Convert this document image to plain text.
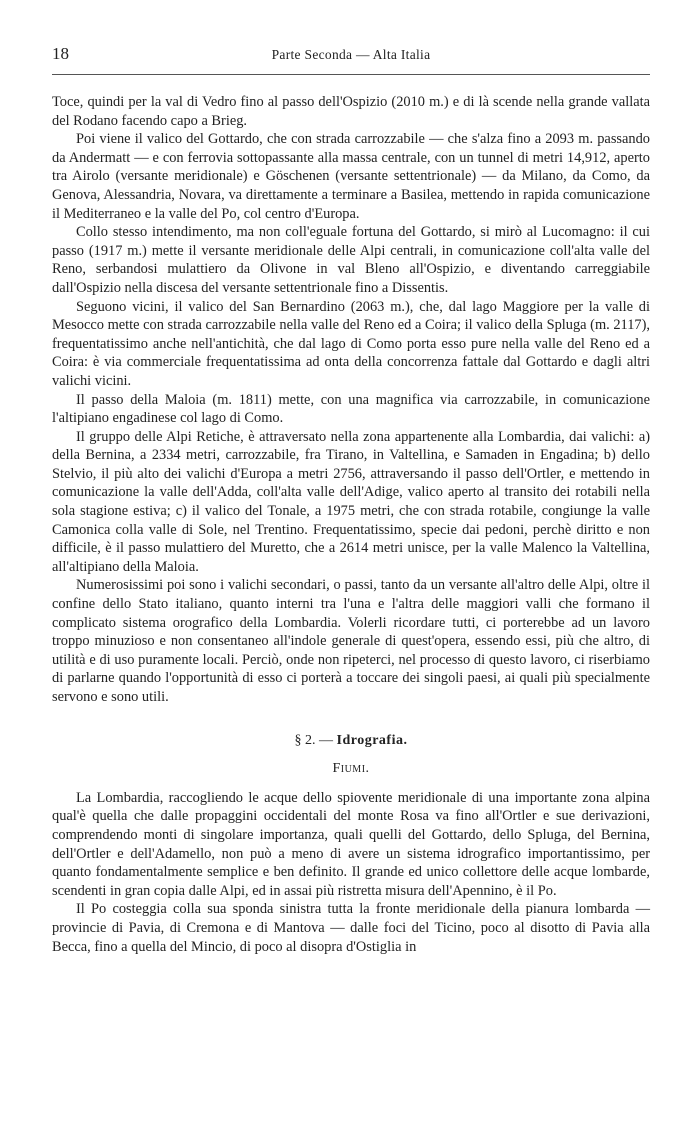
18	Parte Seconda — Alta Italia

Toce, quindi per la val di Vedro fino al passo dell'Ospizio (2010 m.) e di là scende nella grande vallata del Rodano facendo capo a Brieg.

Poi viene il valico del Gottardo, che con strada carrozzabile — che s'alza fino a 2093 m. passando da Andermatt — e con ferrovia sottopassante alla massa centrale, con un tunnel di metri 14,912, aperto tra Airolo (versante meridionale) e Göschenen (versante settentrionale) — da Milano, da Como, da Genova, Alessandria, Novara, va direttamente a terminare a Basilea, mettendo in rapida comunicazione il Mediterraneo e la valle del Po, col centro d'Europa.

Collo stesso intendimento, ma non coll'eguale fortuna del Gottardo, si mirò al Lucomagno: il cui passo (1917 m.) mette il versante meridionale delle Alpi centrali, in comunicazione coll'alta valle del Reno, serbandosi mulattiero da Olivone in val Bleno all'Ospizio, e diventando carreggiabile dall'Ospizio nella discesa del versante settentrionale fino a Dissentis.

Seguono vicini, il valico del San Bernardino (2063 m.), che, dal lago Maggiore per la valle di Mesocco mette con strada carrozzabile nella valle del Reno ed a Coira; il valico della Spluga (m. 2117), frequentatissimo anche nell'antichità, che dal lago di Como porta esso pure nella valle del Reno ed a Coira: è via commerciale frequentatissima ad onta della concorrenza fattale dal Gottardo e dagli altri valichi vicini.

Il passo della Maloia (m. 1811) mette, con una magnifica via carrozzabile, in comunicazione l'altipiano engadinese col lago di Como.

Il gruppo delle Alpi Retiche, è attraversato nella zona appartenente alla Lombardia, dai valichi: a) della Bernina, a 2334 metri, carrozzabile, fra Tirano, in Valtellina, e Samaden in Engadina; b) dello Stelvio, il più alto dei valichi d'Europa a metri 2756, attraversando il passo dell'Ortler, e mettendo in comunicazione la valle dell'Adda, coll'alta valle dell'Adige, valico aperto al transito dei rotabili nella sola stagione estiva; c) il valico del Tonale, a 1975 metri, che con strada rotabile, congiunge la valle Camonica colla valle di Sole, nel Trentino. Frequentatissimo, specie dai pedoni, perchè diritto e non difficile, è il passo mulattiero del Muretto, che a 2614 metri unisce, per la valle Malenco la Valtellina, all'altipiano della Maloia.

Numerosissimi poi sono i valichi secondari, o passi, tanto da un versante all'altro delle Alpi, oltre il confine dello Stato italiano, quanto interni tra l'una e l'altra delle maggiori valli che formano il complicato sistema orografico della Lombardia. Volerli ricordare tutti, ci porterebbe ad un lavoro troppo minuzioso e non consentaneo all'indole generale di quest'opera, essendo essi, più che altro, di utilità e di uso puramente locali. Perciò, onde non ripeterci, nel processo di questo lavoro, ci riserbiamo di parlarne quando l'opportunità di esso ci porterà a toccare dei singoli paesi, ai quali più specialmente servono e sono utili.

§ 2. — Idrografia.
Fiumi.

La Lombardia, raccogliendo le acque dello spiovente meridionale di una importante zona alpina qual'è quella che dalle propaggini occidentali del monte Rosa va fino all'Ortler e sue derivazioni, comprendendo monti di singolare importanza, quali quelli del Gottardo, dello Spluga, del Bernina, dell'Ortler e dell'Adamello, non può a meno di avere un sistema idrografico importantissimo, per quanto fondamentalmente semplice e ben definito. Il grande ed unico collettore delle acque lombarde, scendenti in gran copia dalle Alpi, ed in assai più ristretta misura dell'Apennino, è il Po.

Il Po costeggia colla sua sponda sinistra tutta la fronte meridionale della pianura lombarda — provincie di Pavia, di Cremona e di Mantova — dalle foci del Ticino, poco al disotto di Pavia alla Becca, fino a quella del Mincio, di poco al disopra d'Ostiglia in
